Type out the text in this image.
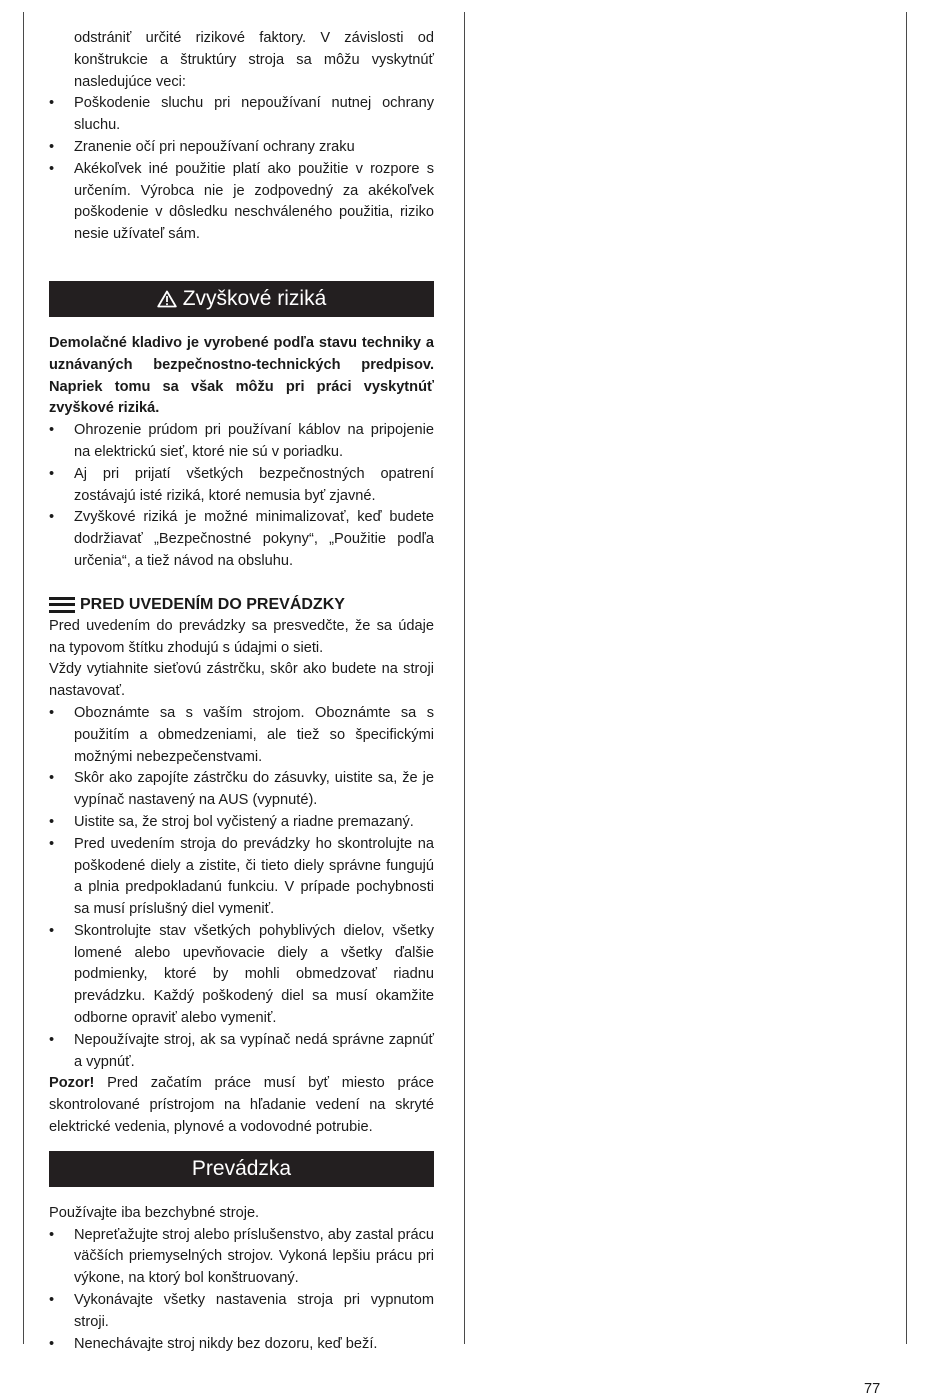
odstrániť určité rizikové faktory. V závislosti od konštrukcie a štruktúry stroja sa môžu vyskytnúť nasledujúce veci:
• Poškodenie sluchu pri nepoužívaní nutnej ochrany sluchu.
• Zranenie očí pri nepoužívaní ochrany zraku
• Akékoľvek iné použitie platí ako použitie v rozpore s určením. Výrobca nie je zodpovedný za akékoľvek poškodenie v dôsledku neschváleného použitia, riziko nesie užívateľ sám.
Zvyškové riziká

Demolačné kladivo je vyrobené podľa stavu techniky a uznávaných bezpečnostno-technických predpisov. Napriek tomu sa však môžu pri práci vyskytnúť zvyškové riziká.

• Ohrozenie prúdom pri používaní káblov na pripojenie na elektrickú sieť, ktoré nie sú v poriadku.
• Aj pri prijatí všetkých bezpečnostných opatrení zostávajú isté riziká, ktoré nemusia byť zjavné.
• Zvyškové riziká je možné minimalizovať, keď budete dodržiavať „Bezpečnostné pokyny“, „Použitie podľa určenia“, a tiež návod na obsluhu.
PRED UVEDENÍM DO PREVÁDZKY

Pred uvedením do prevádzky sa presvedčte, že sa údaje na typovom štítku zhodujú s údajmi o sieti.

Vždy vytiahnite sieťovú zástrčku, skôr ako budete na stroji nastavovať.

• Oboznámte sa s vaším strojom. Oboznámte sa s použitím a obmedzeniami, ale tiež so špecifickými možnými nebezpečenstvami.
• Skôr ako zapojíte zástrčku do zásuvky, uistite sa, že je vypínač nastavený na AUS (vypnuté).
• Uistite sa, že stroj bol vyčistený a riadne premazaný.
• Pred uvedením stroja do prevádzky ho skontrolujte na poškodené diely a zistite, či tieto diely správne fungujú a plnia predpokladanú funkciu. V prípade pochybnosti sa musí príslušný diel vymeniť.
• Skontrolujte stav všetkých pohyblivých dielov, všetky lomené alebo upevňovacie diely a všetky ďalšie podmienky, ktoré by mohli obmedzovať riadnu prevádzku. Každý poškodený diel sa musí okamžite odborne opraviť alebo vymeniť.
• Nepoužívajte stroj, ak sa vypínač nedá správne zapnúť a vypnúť.

Pozor! Pred začatím práce musí byť miesto práce skontrolované prístrojom na hľadanie vedení na skryté elektrické vedenia, plynové a vodovodné potrubie.

Prevádzka

Používajte iba bezchybné stroje.

• Nepreťažujte stroj alebo príslušenstvo, aby zastal prácu väčších priemyselných strojov. Vykoná lepšiu prácu pri výkone, na ktorý bol konštruovaný.
• Vykonávajte všetky nastavenia stroja pri vypnutom stroji.
• Nenechávajte stroj nikdy bez dozoru, keď beží.
77
